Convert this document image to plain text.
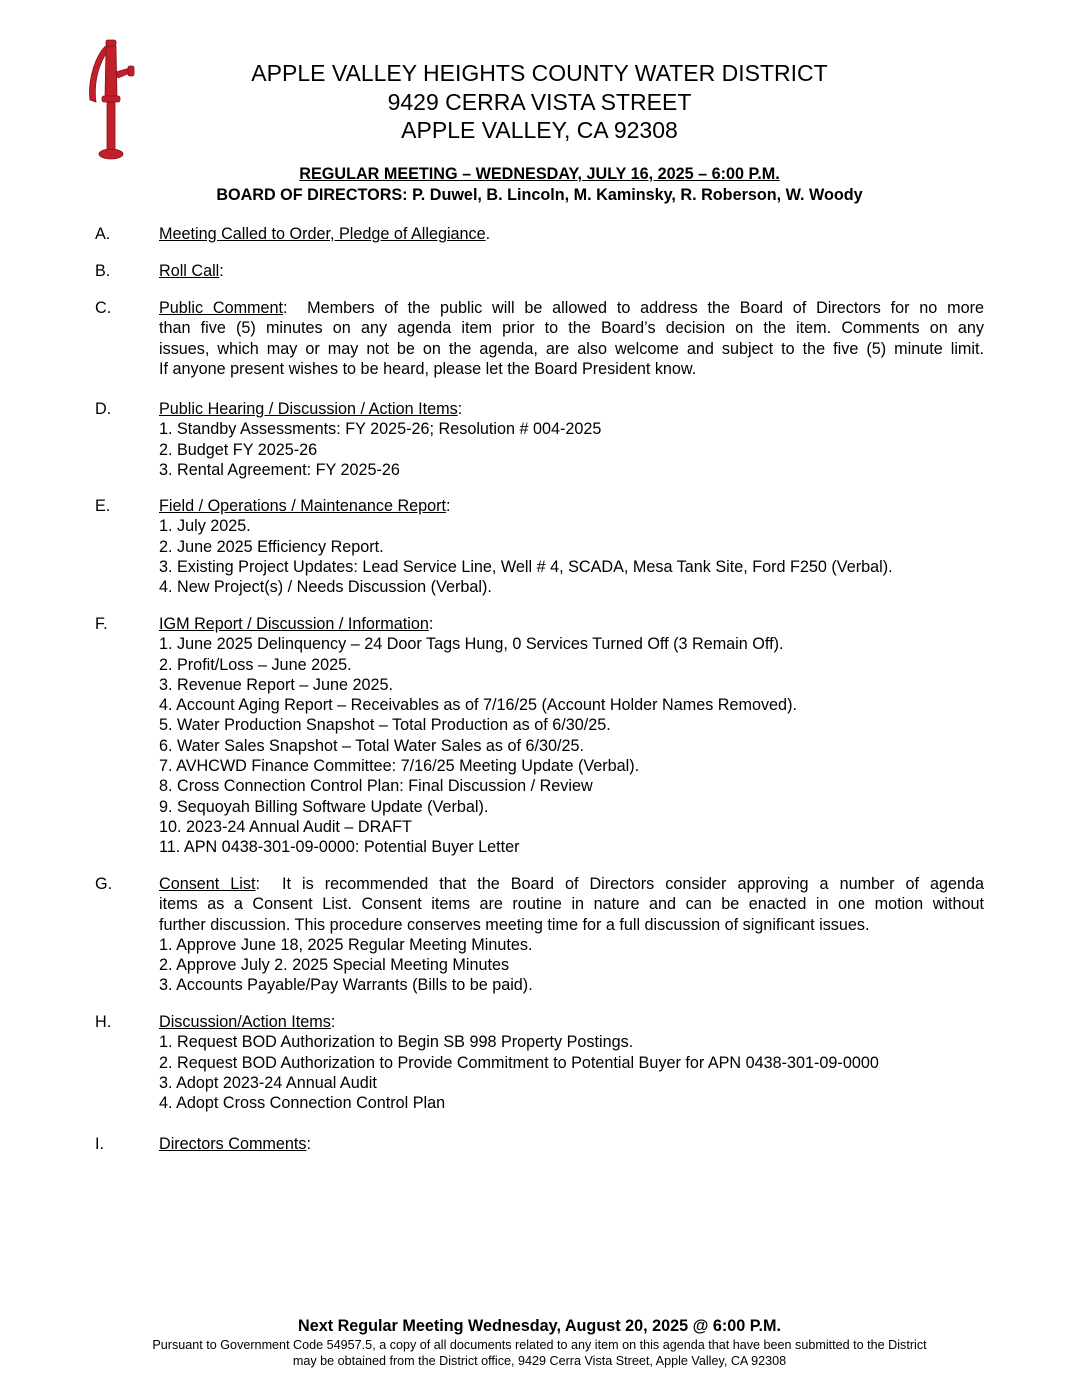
APPLE VALLEY HEIGHTS COUNTY WATER DISTRICT
9429 CERRA VISTA STREET
APPLE VALLEY, CA 92308
REGULAR MEETING – WEDNESDAY, JULY 16, 2025 – 6:00 P.M.
BOARD OF DIRECTORS: P. Duwel, B. Lincoln, M. Kaminsky, R. Roberson, W. Woody
A.	Meeting Called to Order, Pledge of Allegiance.
B.	Roll Call:
C.	Public Comment:  Members of the public will be allowed to address the Board of Directors for no more
than five (5) minutes on any agenda item prior to the Board’s decision on the item. Comments on any
issues, which may or may not be on the agenda, are also welcome and subject to the five (5) minute limit.
If anyone present wishes to be heard, please let the Board President know.
D.	Public Hearing / Discussion / Action Items:
1. Standby Assessments: FY 2025-26; Resolution # 004-2025
2. Budget FY 2025-26
3. Rental Agreement: FY 2025-26
E.	Field / Operations / Maintenance Report:
1. July 2025.
2. June 2025 Efficiency Report.
3. Existing Project Updates: Lead Service Line, Well # 4, SCADA, Mesa Tank Site, Ford F250 (Verbal).
4. New Project(s) / Needs Discussion (Verbal).
F.	IGM Report / Discussion / Information:
1. June 2025 Delinquency – 24 Door Tags Hung, 0 Services Turned Off (3 Remain Off).
2. Profit/Loss – June 2025.
3. Revenue Report – June 2025.
4. Account Aging Report – Receivables as of 7/16/25 (Account Holder Names Removed).
5. Water Production Snapshot – Total Production as of 6/30/25.
6. Water Sales Snapshot – Total Water Sales as of 6/30/25.
7. AVHCWD Finance Committee: 7/16/25 Meeting Update (Verbal).
8. Cross Connection Control Plan: Final Discussion / Review
9. Sequoyah Billing Software Update (Verbal).
10. 2023-24 Annual Audit – DRAFT
11. APN 0438-301-09-0000: Potential Buyer Letter
G.	Consent List:  It is recommended that the Board of Directors consider approving a number of agenda
items as a Consent List. Consent items are routine in nature and can be enacted in one motion without
further discussion. This procedure conserves meeting time for a full discussion of significant issues.
1. Approve June 18, 2025 Regular Meeting Minutes.
2. Approve July 2. 2025 Special Meeting Minutes
3. Accounts Payable/Pay Warrants (Bills to be paid).
H.	Discussion/Action Items:
1. Request BOD Authorization to Begin SB 998 Property Postings.
2. Request BOD Authorization to Provide Commitment to Potential Buyer for APN 0438-301-09-0000
3. Adopt 2023-24 Annual Audit
4. Adopt Cross Connection Control Plan
I.	Directors Comments:
Next Regular Meeting Wednesday, August 20, 2025 @ 6:00 P.M.
Pursuant to Government Code 54957.5, a copy of all documents related to any item on this agenda that have been submitted to the District
may be obtained from the District office, 9429 Cerra Vista Street, Apple Valley, CA 92308
